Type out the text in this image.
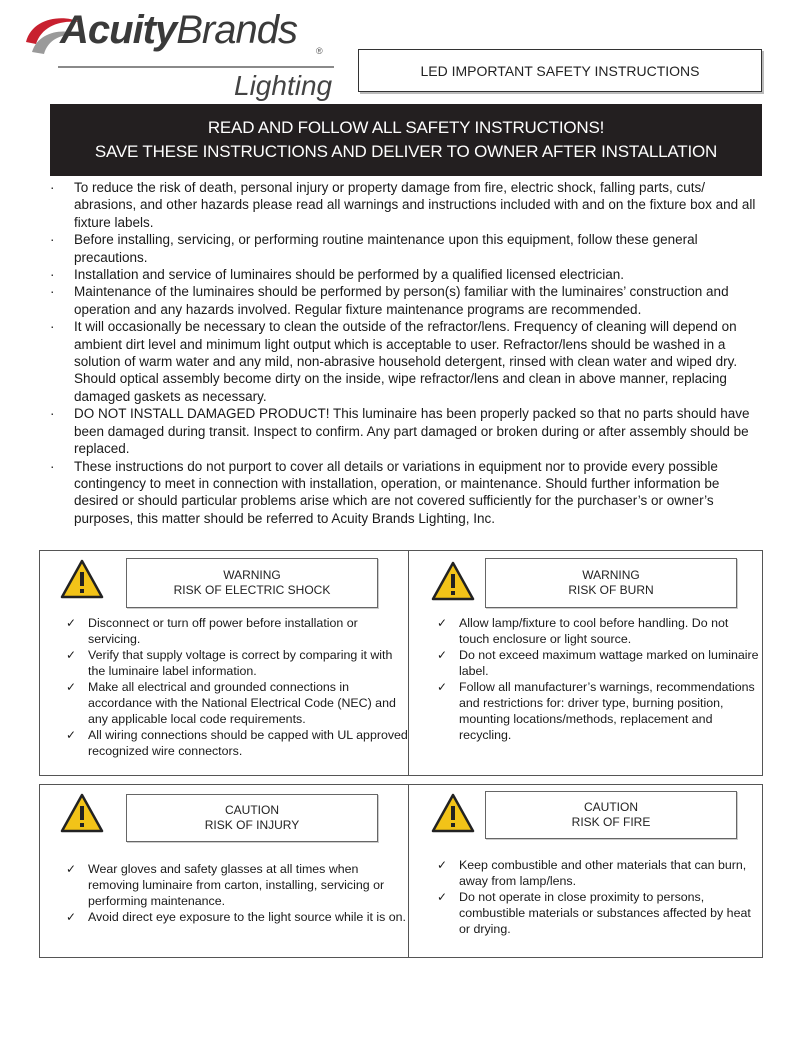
AcuityBrands ®
Lighting	LED IMPORTANT SAFETY INSTRUCTIONS
READ AND FOLLOW ALL SAFETY INSTRUCTIONS!
SAVE THESE INSTRUCTIONS AND DELIVER TO OWNER AFTER INSTALLATION
· To reduce the risk of death, personal injury or property damage from fire, electric shock, falling parts, cuts/ abrasions, and other hazards please read all warnings and instructions included with and on the fixture box and all fixture labels.
· Before installing, servicing, or performing routine maintenance upon this equipment, follow these general precautions.
· Installation and service of luminaires should be performed by a qualified licensed electrician.
· Maintenance of the luminaires should be performed by person(s) familiar with the luminaires’ construction and operation and any hazards involved. Regular fixture maintenance programs are recommended.
· It will occasionally be necessary to clean the outside of the refractor/lens. Frequency of cleaning will depend on ambient dirt level and minimum light output which is acceptable to user. Refractor/lens should be washed in a solution of warm water and any mild, non-abrasive household detergent, rinsed with clean water and wiped dry. Should optical assembly become dirty on the inside, wipe refractor/lens and clean in above manner, replacing damaged gaskets as necessary.
· DO NOT INSTALL DAMAGED PRODUCT! This luminaire has been properly packed so that no parts should have been damaged during transit. Inspect to confirm. Any part damaged or broken during or after assembly should be replaced.
· These instructions do not purport to cover all details or variations in equipment nor to provide every possible contingency to meet in connection with installation, operation, or maintenance. Should further information be desired or should particular problems arise which are not covered sufficiently for the purchaser’s or owner’s purposes, this matter should be referred to Acuity Brands Lighting, Inc.
WARNING
RISK OF ELECTRIC SHOCK
✓ Disconnect or turn off power before installation or servicing.
✓ Verify that supply voltage is correct by comparing it with the luminaire label information.
✓ Make all electrical and grounded connections in accordance with the National Electrical Code (NEC) and any applicable local code requirements.
✓ All wiring connections should be capped with UL approved recognized wire connectors.
WARNING
RISK OF BURN
✓ Allow lamp/fixture to cool before handling. Do not touch enclosure or light source.
✓ Do not exceed maximum wattage marked on luminaire label.
✓ Follow all manufacturer’s warnings, recommendations and restrictions for: driver type, burning position, mounting locations/methods, replacement and recycling.
CAUTION
RISK OF INJURY
✓ Wear gloves and safety glasses at all times when removing luminaire from carton, installing, servicing or performing maintenance.
✓ Avoid direct eye exposure to the light source while it is on.
CAUTION
RISK OF FIRE
✓ Keep combustible and other materials that can burn, away from lamp/lens.
✓ Do not operate in close proximity to persons, combustible materials or substances affected by heat or drying.
